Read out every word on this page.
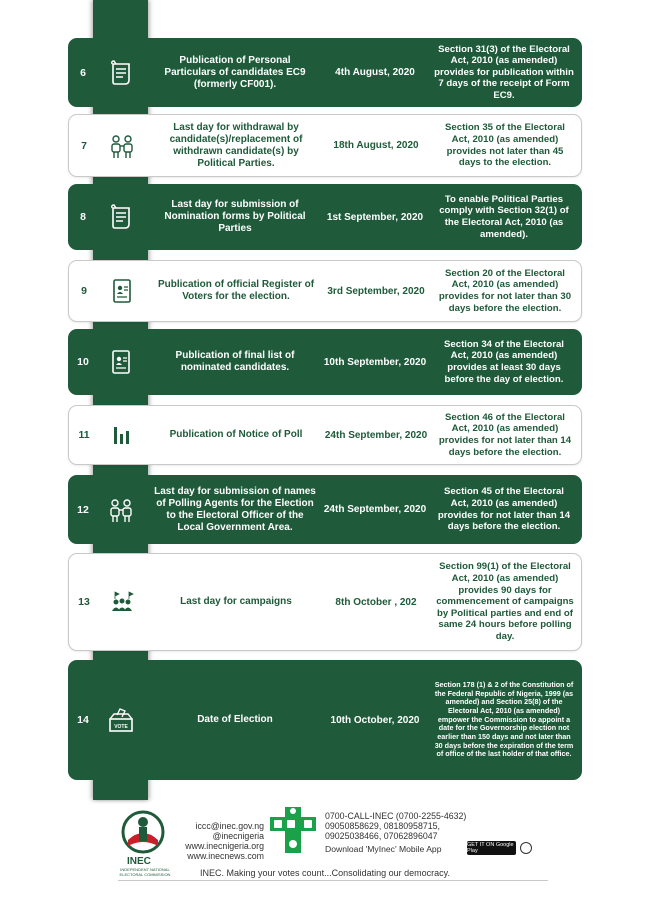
6
Publication of Personal Particulars of candidates EC9 (formerly CF001).
4th August, 2020
Section 31(3) of the Electoral Act, 2010 (as amended) provides for publication within 7 days of the receipt of Form EC9.
7
Last day for withdrawal by candidate(s)/replacement of withdrawn candidate(s) by Political Parties.
18th August, 2020
Section 35 of the Electoral Act, 2010 (as amended) provides not later than 45 days to the election.
8
Last day for submission of Nomination forms by Political Parties
1st September, 2020
To enable Political Parties comply with Section 32(1) of the Electoral Act, 2010 (as amended).
9
Publication of official Register of Voters for the election.	3rd September, 2020
Section 20 of the Electoral Act, 2010 (as amended) provides for not later than 30 days before the election.
10
Publication of final list of nominated candidates.	10th September, 2020
Section 34 of the Electoral Act, 2010 (as amended) provides at least 30 days before the day of election.
11	Publication of Notice of Poll	24th September, 2020
Section 46 of the Electoral Act, 2010 (as amended) provides for not later than 14 days before the election.
12
Last day for submission of names of Polling Agents for the Election to the Electoral Officer of the Local Government Area.
24th September, 2020
Section 45 of the Electoral Act, 2010 (as amended) provides for not later than 14 days before the election.
13	Last day for campaigns	8th October , 202
Section 99(1) of the Electoral Act, 2010 (as amended) provides 90 days for commencement of campaigns by Political parties and end of same 24 hours before polling day.
14
VOTE
Date of Election	10th October, 2020
Section 178 (1) & 2 of the Constitution of the Federal Republic of Nigeria, 1999 (as amended) and Section 25(8) of the Electoral Act, 2010 (as amended) empower the Commission to appoint a date for the Governorship election not earlier than 150 days and not later than 30 days before the expiration of the term of office of the last holder of that office.
INEC
INDEPENDENT NATIONAL ELECTORAL COMMISSION
iccc@inec.gov.ng
@inecnigeria
www.inecnigeria.org
www.inecnews.com
0700-CALL-INEC (0700-2255-4632)
09050858629, 08180958715,
09025038466, 07062896047
Download 'MyInec' Mobile App	GET IT ON Google Play
INEC. Making your votes count...Consolidating our democracy.
